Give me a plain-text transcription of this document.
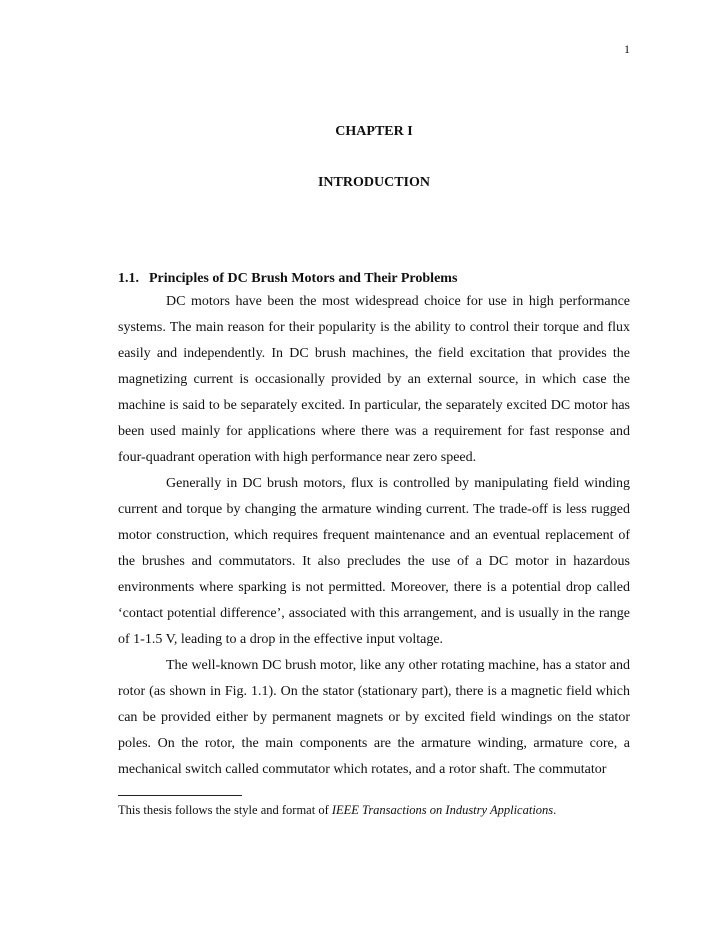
1
CHAPTER I
INTRODUCTION
1.1. Principles of DC Brush Motors and Their Problems

DC motors have been the most widespread choice for use in high performance systems. The main reason for their popularity is the ability to control their torque and flux easily and independently. In DC brush machines, the field excitation that provides the magnetizing current is occasionally provided by an external source, in which case the machine is said to be separately excited. In particular, the separately excited DC motor has been used mainly for applications where there was a requirement for fast response and four-quadrant operation with high performance near zero speed.

Generally in DC brush motors, flux is controlled by manipulating field winding current and torque by changing the armature winding current. The trade-off is less rugged motor construction, which requires frequent maintenance and an eventual replacement of the brushes and commutators. It also precludes the use of a DC motor in hazardous environments where sparking is not permitted. Moreover, there is a potential drop called ‘contact potential difference’, associated with this arrangement, and is usually in the range of 1-1.5 V, leading to a drop in the effective input voltage.

The well-known DC brush motor, like any other rotating machine, has a stator and rotor (as shown in Fig. 1.1). On the stator (stationary part), there is a magnetic field which can be provided either by permanent magnets or by excited field windings on the stator poles. On the rotor, the main components are the armature winding, armature core, a mechanical switch called commutator which rotates, and a rotor shaft. The commutator

This thesis follows the style and format of IEEE Transactions on Industry Applications.
